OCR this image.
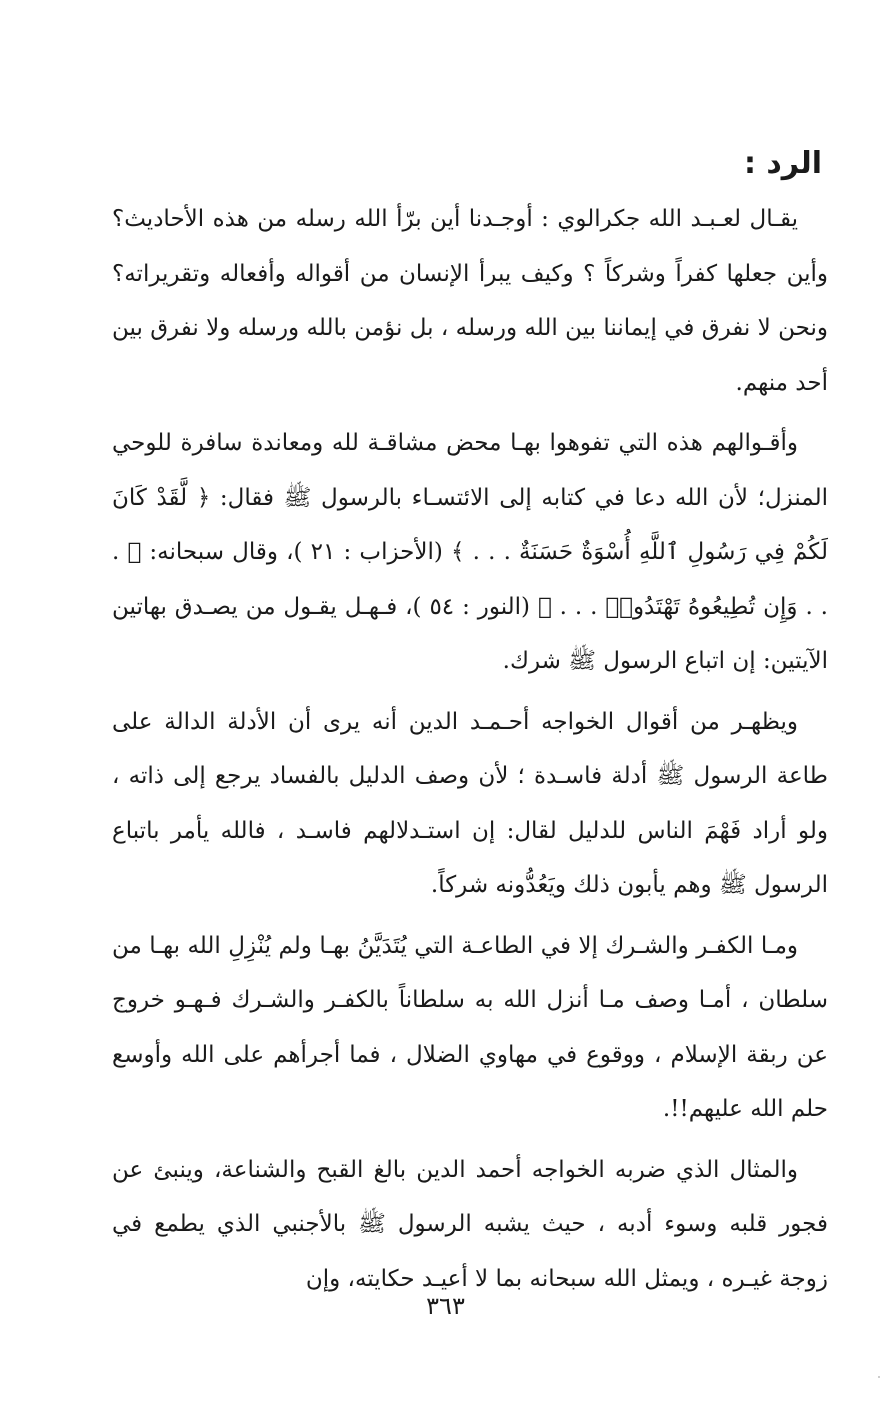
الرد :

يقـال لعـبـد الله جكرالوي : أوجـدنا أين برّأ الله رسله من هذه الأحاديث؟ وأين جعلها كفراً وشركاً ؟ وكيف يبرأ الإنسان من أقواله وأفعاله وتقريراته؟ ونحن لا نفرق في إيماننا بين الله ورسله ، بل نؤمن بالله ورسله ولا نفرق بين أحد منهم.

وأقـوالهم هذه التي تفوهوا بهـا محض مشاقـة لله ومعاندة سافرة للوحي المنزل؛ لأن الله دعا في كتابه إلى الائتسـاء بالرسول ﷺ فقال: ﴿ لَّقَدْ كَانَ لَكُمْ فِي رَسُولِ ٱللَّهِ أُسْوَةٌ حَسَنَةٌ . . . ﴾ (الأحزاب : ٢١ )، وقال سبحانه: ﴿ . . . وَإِن تُطِيعُوهُ تَهْتَدُوا۟ . . . ﴾ (النور : ٥٤ )، فـهـل يقـول من يصـدق بهاتين الآيتين: إن اتباع الرسول ﷺ شرك.

ويظهـر من أقوال الخواجه أحـمـد الدين أنه يرى أن الأدلة الدالة على طاعة الرسول ﷺ أدلة فاسـدة ؛ لأن وصف الدليل بالفساد يرجع إلى ذاته ، ولو أراد فَهْمَ الناس للدليل لقال: إن استـدلالهم فاسـد ، فالله يأمر باتباع الرسول ﷺ وهم يأبون ذلك ويَعُدُّونه شركاً.

ومـا الكفـر والشـرك إلا في الطاعـة التي يُتَدَيَّنُ بهـا ولم يُنْزِلِ الله بهـا من سلطان ، أمـا وصف مـا أنزل الله به سلطاناً بالكفـر والشـرك فـهـو خروج عن ربقة الإسلام ، ووقوع في مهاوي الضلال ، فما أجرأهم على الله وأوسع حلم الله عليهم!!.

والمثال الذي ضربه الخواجه أحمد الدين بالغ القبح والشناعة، وينبئ عن فجور قلبه وسوء أدبه ، حيث يشبه الرسول ﷺ بالأجنبي الذي يطمع في زوجة غيـره ، ويمثل الله سبحانه بما لا أعيـد حكايته، وإن

٣٦٣
